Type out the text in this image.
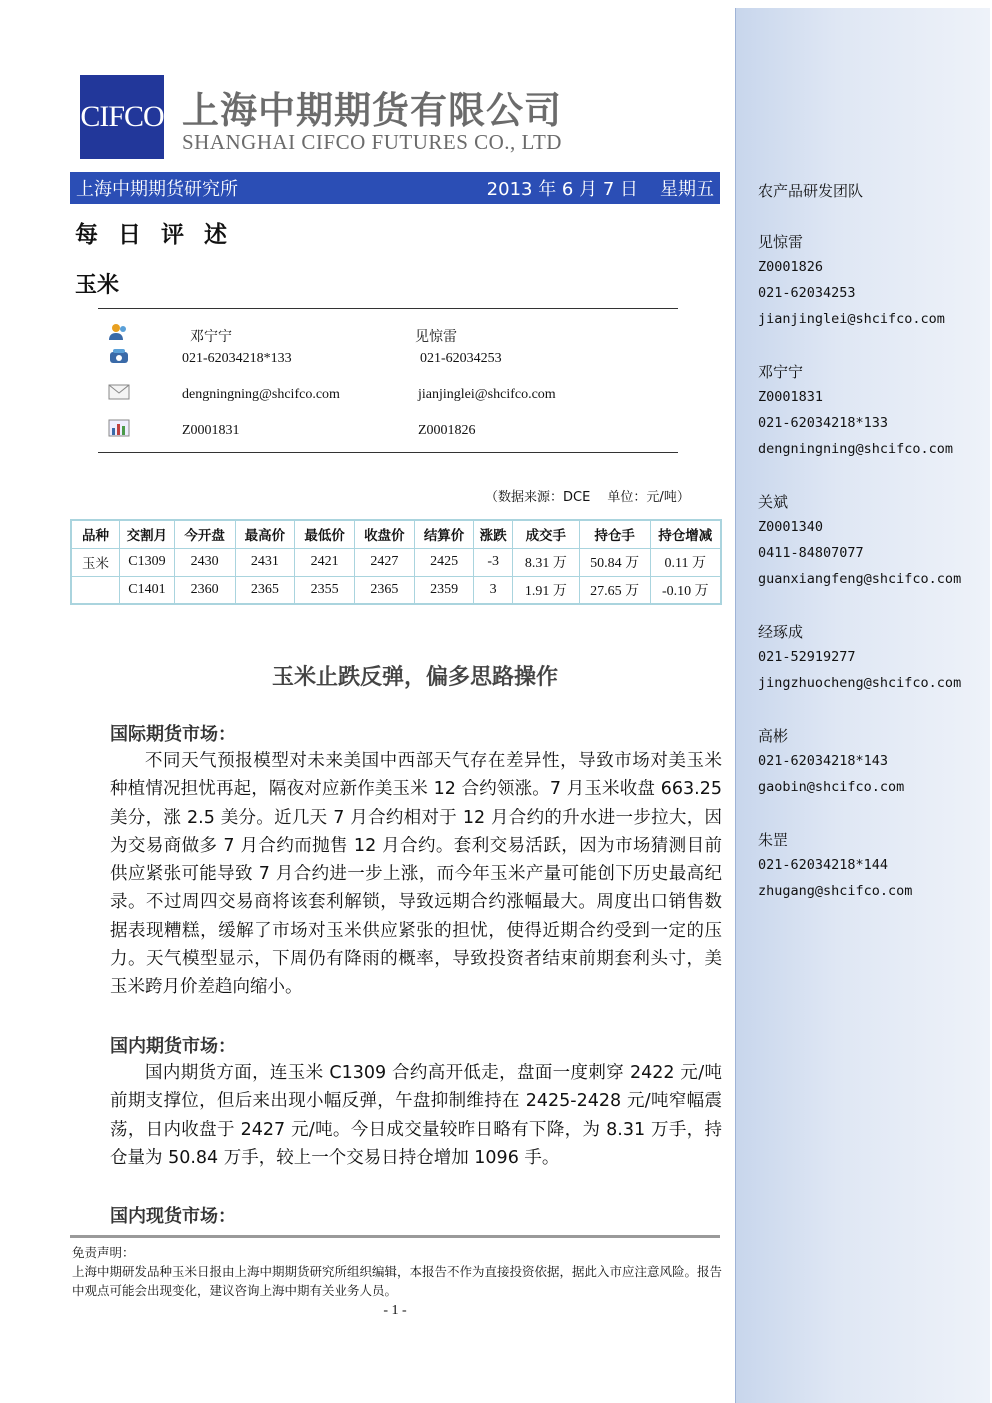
农产品研发团队
见惊雷
Z0001826
021-62034253
jianjinglei@shcifco.com
邓宁宁
Z0001831
021-62034218*133
dengningning@shcifco.com
关斌
Z0001340
0411-84807077
guanxiangfeng@shcifco.com
经琢成
021-52919277
jingzhuocheng@shcifco.com
高彬
021-62034218*143
gaobin@shcifco.com
朱罡
021-62034218*144
zhugang@shcifco.com
CIFCO 上海中期期货有限公司
SHANGHAI CIFCO FUTURES CO., LTD
上海中期期货研究所	2013 年 6 月 7 日 星期五
每 日 评 述
玉米
邓宁宁	见惊雷
021-62034218*133	021-62034253
dengningning@shcifco.com	jianjinglei@shcifco.com
Z0001831	Z0001826
（数据来源：DCE　 单位：元/吨）
品种	交割月	今开盘	最高价	最低价	收盘价	结算价	涨跌	成交手	持仓手	持仓增减
玉米	C1309	2430	2431	2421	2427	2425	-3	8.31 万	50.84 万	0.11 万
	C1401	2360	2365	2355	2365	2359	3	1.91 万	27.65 万	-0.10 万
玉米止跌反弹，偏多思路操作
国际期货市场：
不同天气预报模型对未来美国中西部天气存在差异性，导致市场对美玉米种植情况担忧再起，隔夜对应新作美玉米 12 合约领涨。7 月玉米收盘 663.25 美分，涨 2.5 美分。近几天 7 月合约相对于 12 月合约的升水进一步拉大，因为交易商做多 7 月合约而抛售 12 月合约。套利交易活跃，因为市场猜测目前供应紧张可能导致 7 月合约进一步上涨，而今年玉米产量可能创下历史最高纪录。不过周四交易商将该套利解锁，导致远期合约涨幅最大。周度出口销售数据表现糟糕，缓解了市场对玉米供应紧张的担忧，使得近期合约受到一定的压力。天气模型显示，下周仍有降雨的概率，导致投资者结束前期套利头寸，美玉米跨月价差趋向缩小。
国内期货市场：
国内期货方面，连玉米 C1309 合约高开低走，盘面一度刺穿 2422 元/吨前期支撑位，但后来出现小幅反弹，午盘抑制维持在 2425-2428 元/吨窄幅震荡，日内收盘于 2427 元/吨。今日成交量较昨日略有下降，为 8.31 万手，持仓量为 50.84 万手，较上一个交易日持仓增加 1096 手。
国内现货市场：
免责声明：
上海中期研发品种玉米日报由上海中期期货研究所组织编辑，本报告不作为直接投资依据，据此入市应注意风险。报告中观点可能会出现变化，建议咨询上海中期有关业务人员。
- 1 -
